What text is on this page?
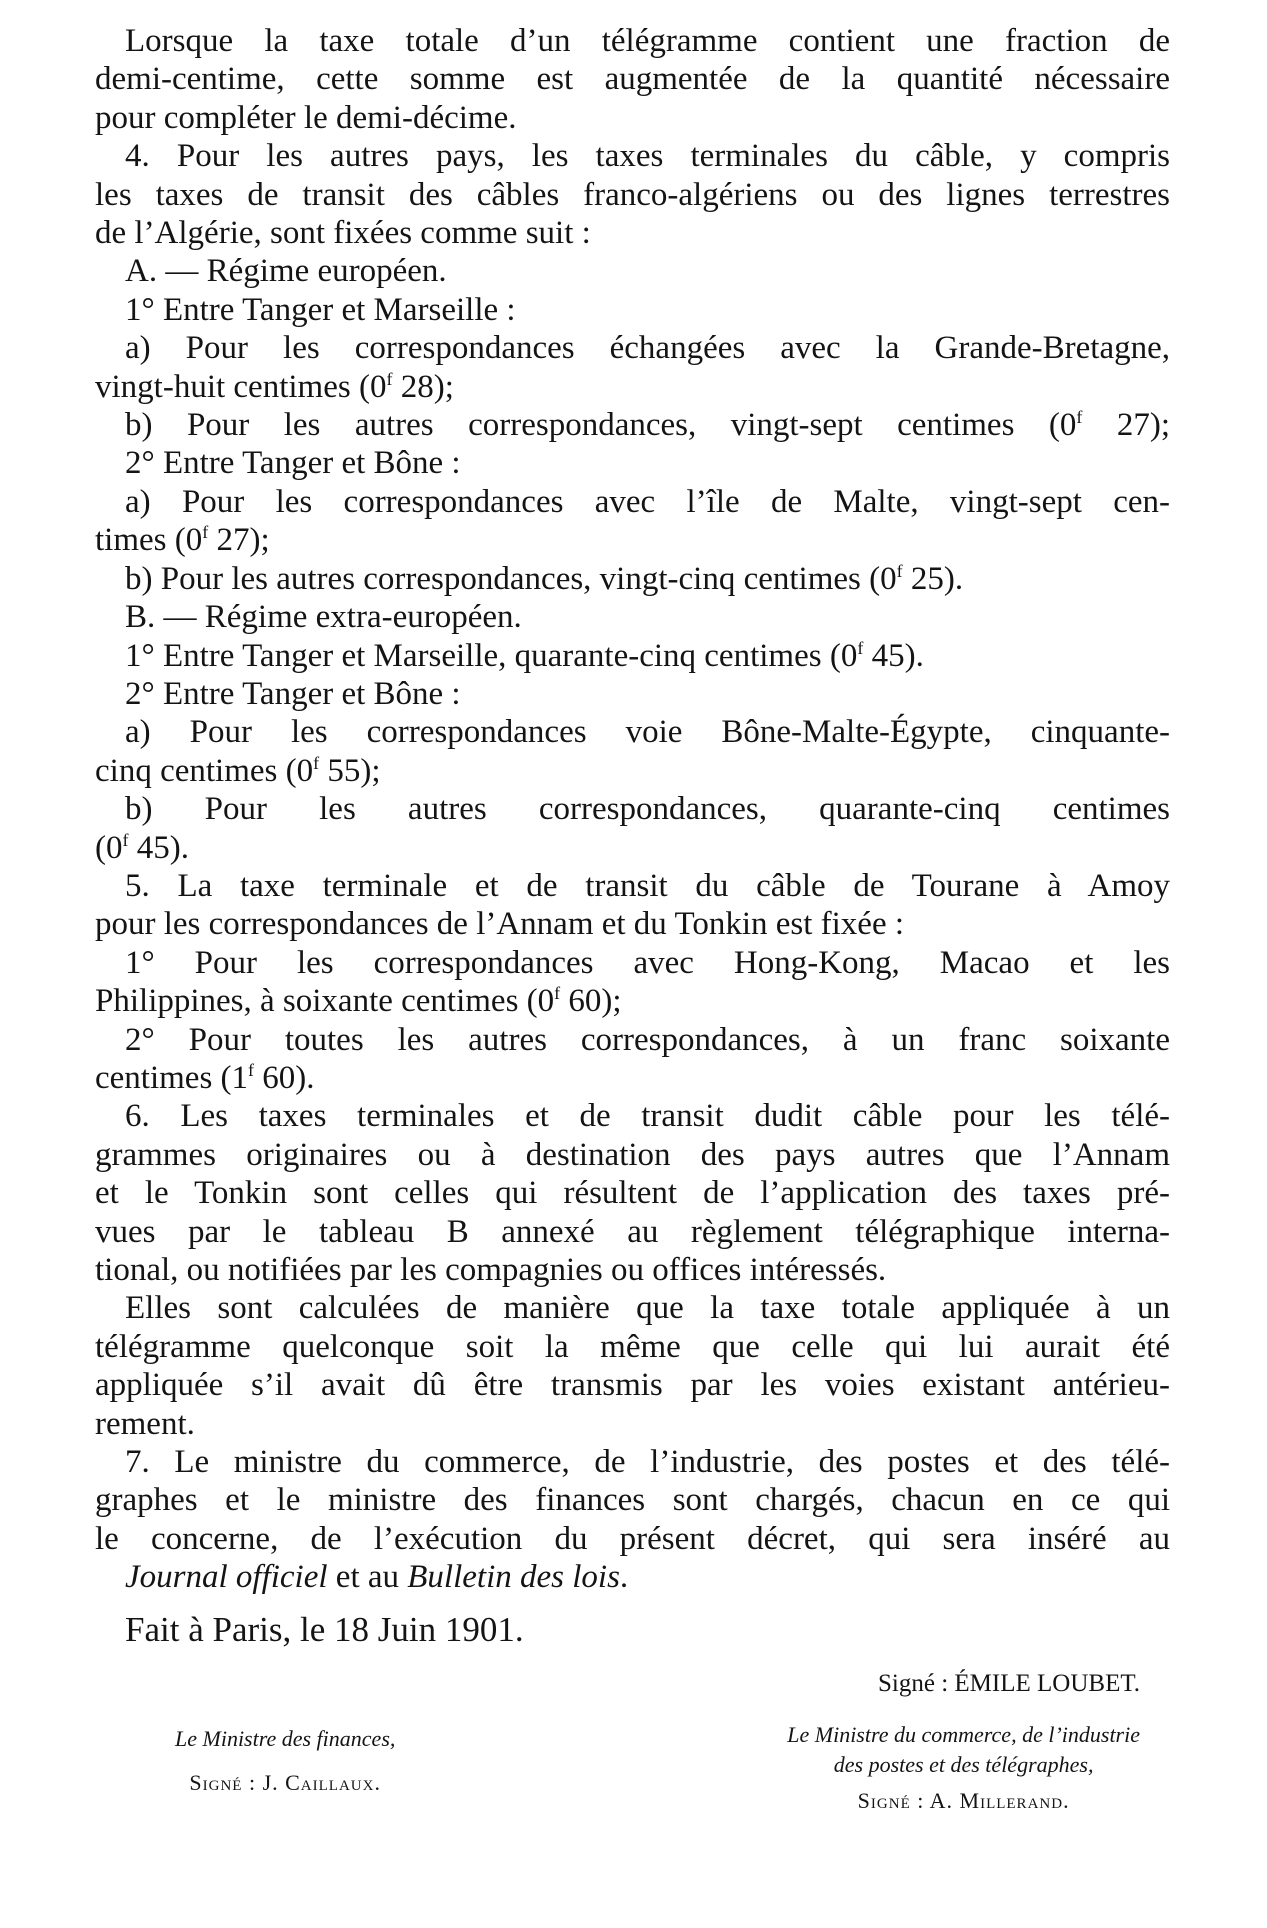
Lorsque la taxe totale d’un télégramme contient une fraction de

demi-centime, cette somme est augmentée de la quantité nécessaire

pour compléter le demi-décime.

4. Pour les autres pays, les taxes terminales du câble, y compris

les taxes de transit des câbles franco-algériens ou des lignes terrestres

de l’Algérie, sont fixées comme suit :

A. — Régime européen.

1° Entre Tanger et Marseille :

a) Pour les correspondances échangées avec la Grande-Bretagne,

vingt-huit centimes (0$^f$ 28);

b) Pour les autres correspondances, vingt-sept centimes (0$^f$ 27);

2° Entre Tanger et Bône :

a) Pour les correspondances avec l’île de Malte, vingt-sept cen-

times (0$^f$ 27);

b) Pour les autres correspondances, vingt-cinq centimes (0$^f$ 25).

B. — Régime extra-européen.

1° Entre Tanger et Marseille, quarante-cinq centimes (0$^f$ 45).

2° Entre Tanger et Bône :

a) Pour les correspondances voie Bône-Malte-Égypte, cinquante-

cinq centimes (0$^f$ 55);

b) Pour les autres correspondances, quarante-cinq centimes

(0$^f$ 45).

5. La taxe terminale et de transit du câble de Tourane à Amoy

pour les correspondances de l’Annam et du Tonkin est fixée :

1° Pour les correspondances avec Hong-Kong, Macao et les

Philippines, à soixante centimes (0$^f$ 60);

2° Pour toutes les autres correspondances, à un franc soixante

centimes (1$^f$ 60).

6. Les taxes terminales et de transit dudit câble pour les télé-

grammes originaires ou à destination des pays autres que l’Annam

et le Tonkin sont celles qui résultent de l’application des taxes pré-

vues par le tableau B annexé au règlement télégraphique interna-

tional, ou notifiées par les compagnies ou offices intéressés.

Elles sont calculées de manière que la taxe totale appliquée à un

télégramme quelconque soit la même que celle qui lui aurait été

appliquée s’il avait dû être transmis par les voies existant antérieu-

rement.

7. Le ministre du commerce, de l’industrie, des postes et des télé-

graphes et le ministre des finances sont chargés, chacun en ce qui

le concerne, de l’exécution du présent décret, qui sera inséré au

Journal officiel et au Bulletin des lois.

Fait à Paris, le 18 Juin 1901.

Signé : ÉMILE LOUBET.
Le Ministre des finances,
Signé : J. Caillaux.
Le Ministre du commerce, de l’industrie
des postes et des télégraphes,
Signé : A. Millerand.
